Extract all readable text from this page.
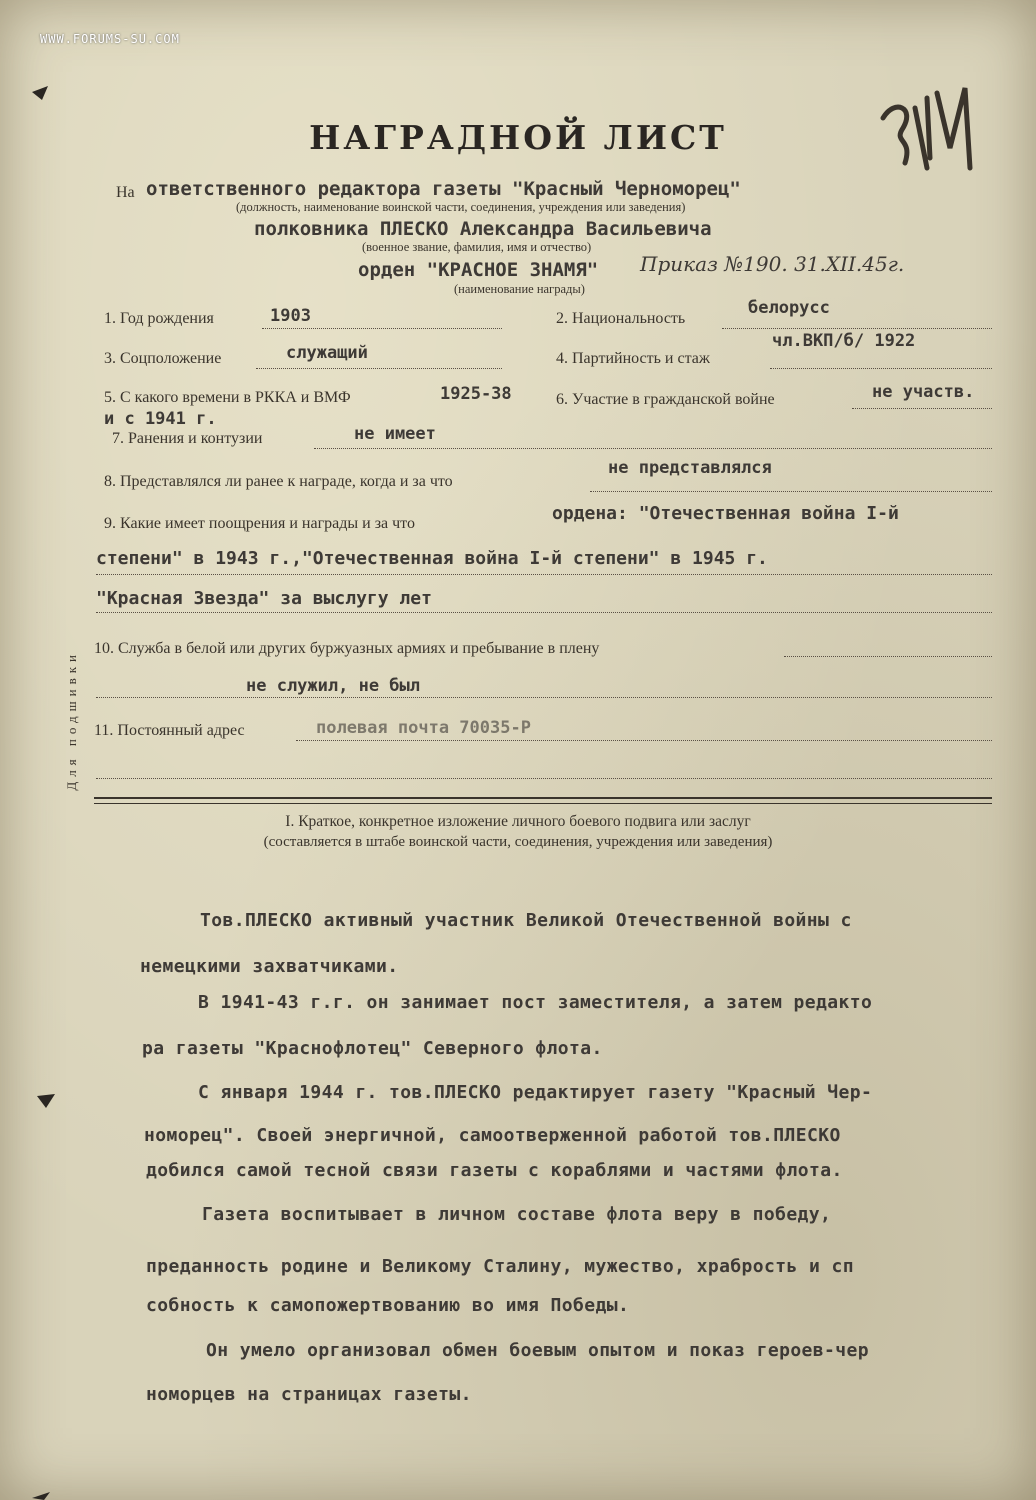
WWW.FORUMS-SU.COM
НАГРАДНОЙ ЛИСТ
На ответственного редактора газеты "Красный Черноморец"
(должность, наименование воинской части, соединения, учреждения или заведения)
полковника ПЛЕСКО Александра Васильевича
(военное звание, фамилия, имя и отчество)
орден "КРАСНОЕ ЗНАМЯ" Приказ №190. 31.XII.45г.
(наименование награды)
1. Год рождения	1903	2. Национальность
белорусс
3. Соцположение	служащий	4. Партийность и стаж
чл.ВКП/б/ 1922
5. С какого времени в РККА и ВМФ	1925-38
и с 1941 г.
6. Участие в гражданской войне	не участв.
7. Ранения и контузии	не имеет
8. Представлялся ли ранее к награде, когда и за что
не представлялся
9. Какие имеет поощрения и награды и за что	ордена: "Отечественная война I-й
степени" в 1943 г.,"Отечественная война I-й степени" в 1945 г.
"Красная Звезда" за выслугу лет
10. Служба в белой или других буржуазных армиях и пребывание в плену
не служил, не был
11. Постоянный адрес	полевая почта 70035-Р
Для подшивки
I. Краткое, конкретное изложение личного боевого подвига или заслуг
(составляется в штабе воинской части, соединения, учреждения или заведения)
Тов.ПЛЕСКО активный участник Великой Отечественной войны с
немецкими захватчиками.
В 1941-43 г.г. он занимает пост заместителя, а затем редакто
ра газеты "Краснофлотец" Северного флота.
С января 1944 г. тов.ПЛЕСКО редактирует газету "Красный Чер-
номорец". Своей энергичной, самоотверженной работой тов.ПЛЕСКО
добился самой тесной связи газеты с кораблями и частями флота.
Газета воспитывает в личном составе флота веру в победу,
преданность родине и Великому Сталину, мужество, храбрость и сп
собность к самопожертвованию во имя Победы.
Он умело организовал обмен боевым опытом и показ героев-чер
номорцев на страницах газеты.
